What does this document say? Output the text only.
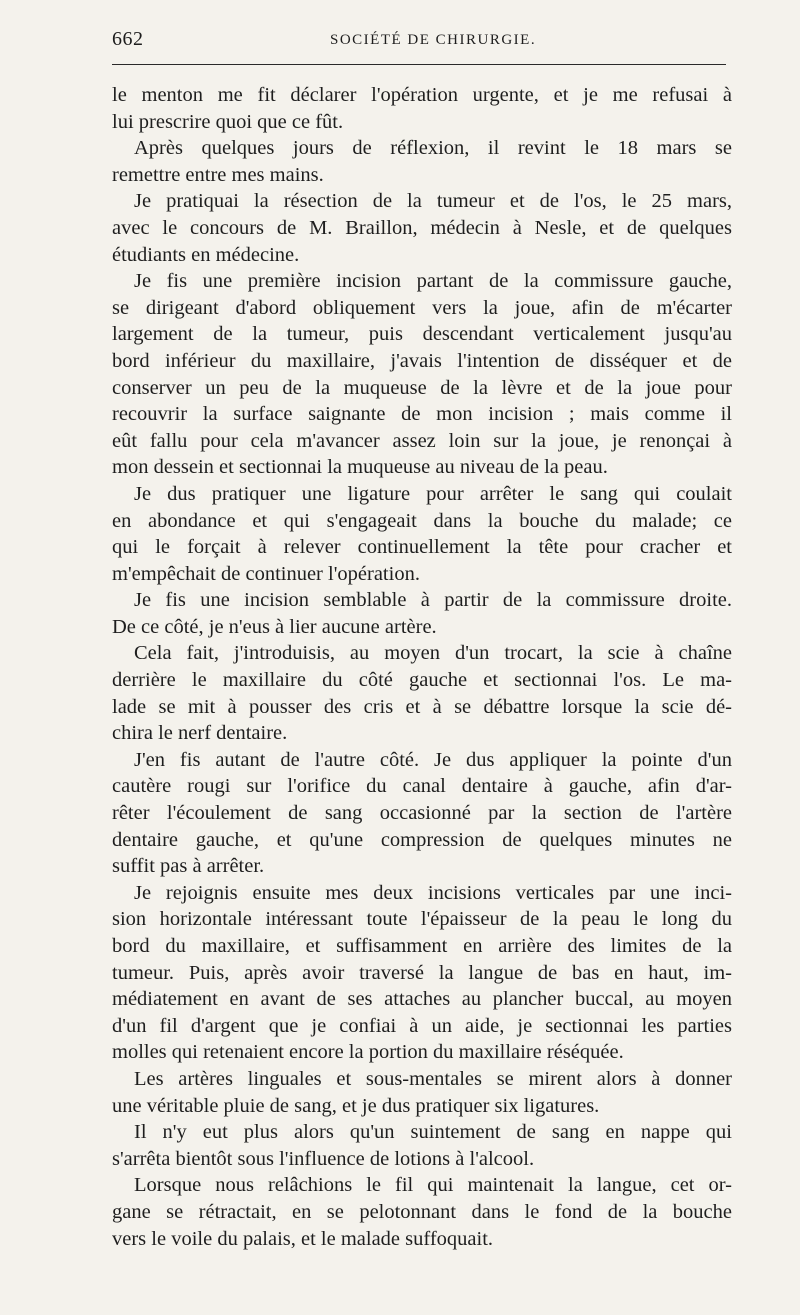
662	SOCIÉTÉ DE CHIRURGIE.
le menton me fit déclarer l'opération urgente, et je me refusai à
lui prescrire quoi que ce fût.
Après quelques jours de réflexion, il revint le 18 mars se
remettre entre mes mains.
Je pratiquai la résection de la tumeur et de l'os, le 25 mars,
avec le concours de M. Braillon, médecin à Nesle, et de quelques
étudiants en médecine.
Je fis une première incision partant de la commissure gauche,
se dirigeant d'abord obliquement vers la joue, afin de m'écarter
largement de la tumeur, puis descendant verticalement jusqu'au
bord inférieur du maxillaire, j'avais l'intention de disséquer et de
conserver un peu de la muqueuse de la lèvre et de la joue pour
recouvrir la surface saignante de mon incision ; mais comme il
eût fallu pour cela m'avancer assez loin sur la joue, je renonçai à
mon dessein et sectionnai la muqueuse au niveau de la peau.
Je dus pratiquer une ligature pour arrêter le sang qui coulait
en abondance et qui s'engageait dans la bouche du malade; ce
qui le forçait à relever continuellement la tête pour cracher et
m'empêchait de continuer l'opération.
Je fis une incision semblable à partir de la commissure droite.
De ce côté, je n'eus à lier aucune artère.
Cela fait, j'introduisis, au moyen d'un trocart, la scie à chaîne
derrière le maxillaire du côté gauche et sectionnai l'os. Le ma-
lade se mit à pousser des cris et à se débattre lorsque la scie dé-
chira le nerf dentaire.
J'en fis autant de l'autre côté. Je dus appliquer la pointe d'un
cautère rougi sur l'orifice du canal dentaire à gauche, afin d'ar-
rêter l'écoulement de sang occasionné par la section de l'artère
dentaire gauche, et qu'une compression de quelques minutes ne
suffit pas à arrêter.
Je rejoignis ensuite mes deux incisions verticales par une inci-
sion horizontale intéressant toute l'épaisseur de la peau le long du
bord du maxillaire, et suffisamment en arrière des limites de la
tumeur. Puis, après avoir traversé la langue de bas en haut, im-
médiatement en avant de ses attaches au plancher buccal, au moyen
d'un fil d'argent que je confiai à un aide, je sectionnai les parties
molles qui retenaient encore la portion du maxillaire réséquée.
Les artères linguales et sous-mentales se mirent alors à donner
une véritable pluie de sang, et je dus pratiquer six ligatures.
Il n'y eut plus alors qu'un suintement de sang en nappe qui
s'arrêta bientôt sous l'influence de lotions à l'alcool.
Lorsque nous relâchions le fil qui maintenait la langue, cet or-
gane se rétractait, en se pelotonnant dans le fond de la bouche
vers le voile du palais, et le malade suffoquait.
